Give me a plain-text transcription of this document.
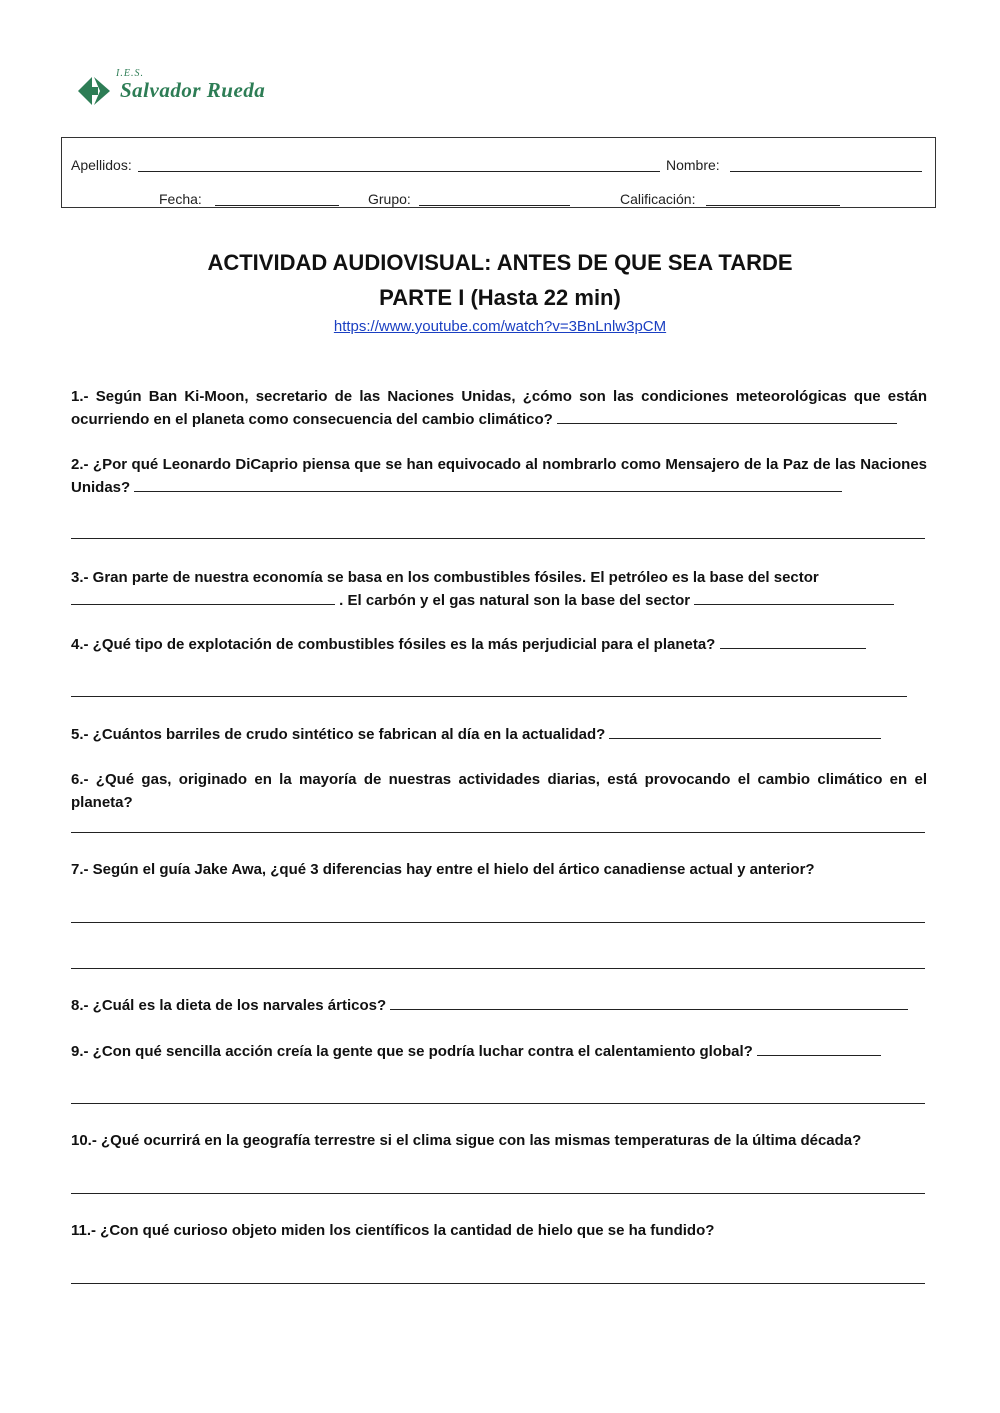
I.E.S.
Salvador Rueda
Apellidos:	Nombre:
Fecha:	Grupo:	Calificación:
ACTIVIDAD AUDIOVISUAL: ANTES DE QUE SEA TARDE
PARTE I (Hasta 22 min)
https://www.youtube.com/watch?v=3BnLnlw3pCM
1.- Según Ban Ki-Moon, secretario de las Naciones Unidas, ¿cómo son las condiciones meteorológicas que están ocurriendo en el planeta como consecuencia del cambio climático?
2.- ¿Por qué Leonardo DiCaprio piensa que se han equivocado al nombrarlo como Mensajero de la Paz de las Naciones Unidas?
3.- Gran parte de nuestra economía se basa en los combustibles fósiles. El petróleo es la base del sector
. El carbón y el gas natural son la base del sector
4.- ¿Qué tipo de explotación de combustibles fósiles es la más perjudicial para el planeta?
5.- ¿Cuántos barriles de crudo sintético se fabrican al día en la actualidad?
6.- ¿Qué gas, originado en la mayoría de nuestras actividades diarias, está provocando el cambio climático en el planeta?
7.- Según el guía Jake Awa, ¿qué 3 diferencias hay entre el hielo del ártico canadiense actual y anterior?
8.- ¿Cuál es la dieta de los narvales árticos?
9.- ¿Con qué sencilla acción creía la gente que se podría luchar contra el calentamiento global?
10.- ¿Qué ocurrirá en la geografía terrestre si el clima sigue con las mismas temperaturas de la última década?
11.- ¿Con qué curioso objeto miden los científicos la cantidad de hielo que se ha fundido?
